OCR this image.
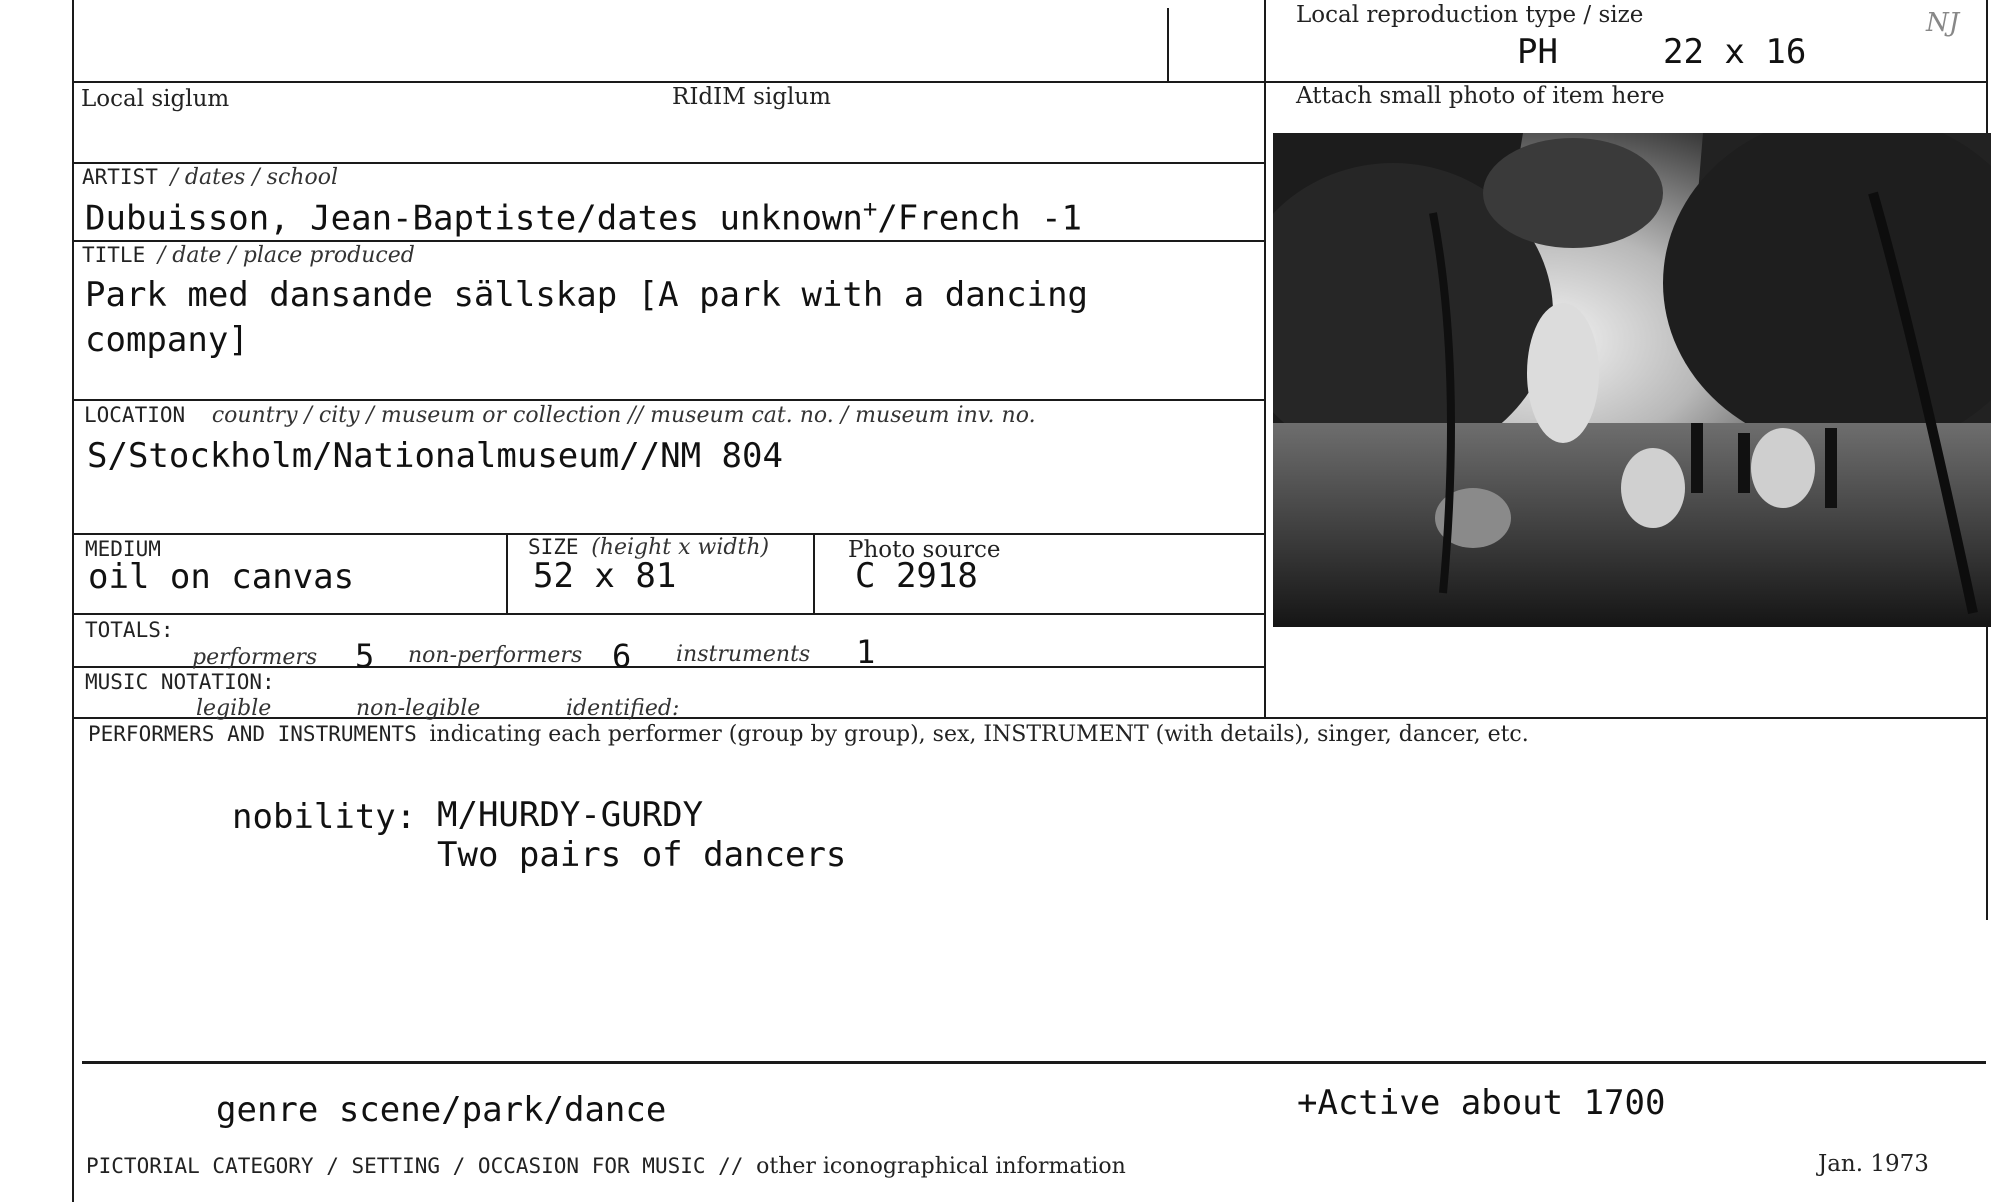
NJ
Local reproduction type / size
PH	22 x 16
Local siglum	RIdIM siglum	Attach small photo of item here
ARTIST / dates / school
Dubuisson, Jean-Baptiste/dates unknown+/French -1
TITLE / date / place produced
Park med dansande sällskap [A park with a dancing
company]
LOCATION country / city / museum or collection // museum cat. no. / museum inv. no.
S/Stockholm/Nationalmuseum//NM 804
MEDIUM
oil on canvas
SIZE (height x width)
52 x 81
Photo source
C 2918
TOTALS:
performers 5 non-performers 6 instruments 1
MUSIC NOTATION:
legible	non-legible	identified:
PERFORMERS AND INSTRUMENTS indicating each performer (group by group), sex, INSTRUMENT (with details), singer, dancer, etc.
nobility: M/HURDY-GURDY
Two pairs of dancers
genre scene/park/dance	+Active about 1700
PICTORIAL CATEGORY / SETTING / OCCASION FOR MUSIC // other iconographical information	Jan. 1973
